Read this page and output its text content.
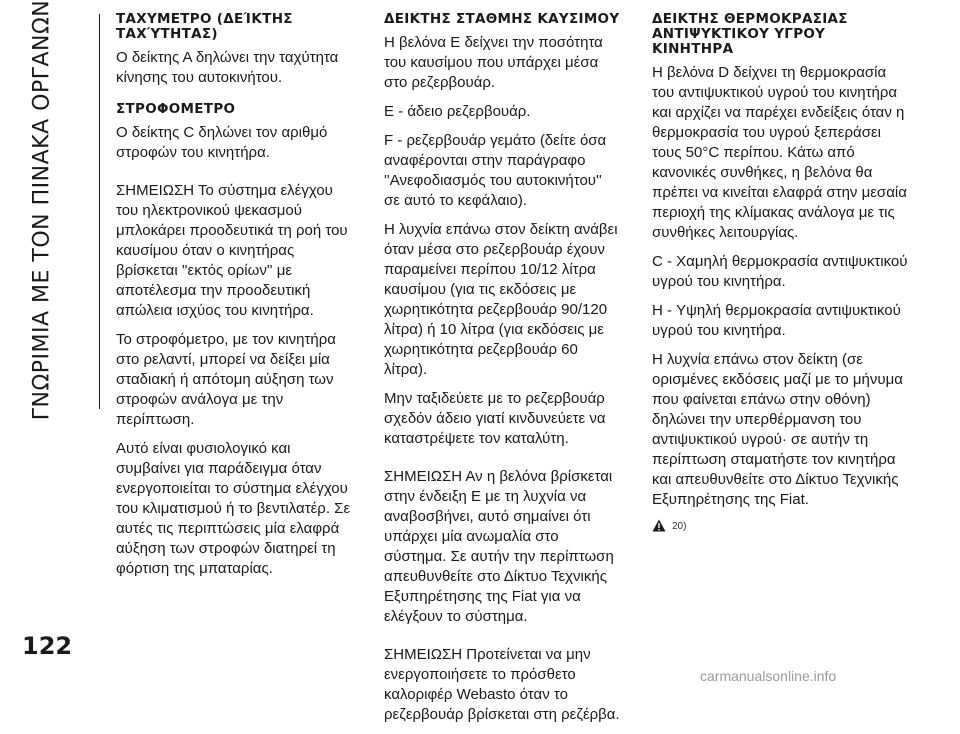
ΓΝΩΡΙΜΙΑ ΜΕ ΤΟΝ ΠΙΝΑΚΑ ΟΡΓΑΝΩΝ	ΤΑΧΥΜΕΤΡΟ (ΔΕΊΚΤΗΣ ΤΑΧΎΤΗΤΑΣ)

Ο δείκτης Α δηλώνει την ταχύτητα κίνησης του αυτοκινήτου.

ΣΤΡΟΦΟΜΕΤΡΟ

Ο δείκτης C δηλώνει τον αριθμό στροφών του κινητήρα.

ΣΗΜΕΙΩΣΗ Το σύστημα ελέγχου του ηλεκτρονικού ψεκασμού μπλοκάρει προοδευτικά τη ροή του καυσίμου όταν ο κινητήρας βρίσκεται ''εκτός ορίων'' με αποτέλεσμα την προοδευτική απώλεια ισχύος του κινητήρα.

Το στροφόμετρο, με τον κινητήρα στο ρελαντί, μπορεί να δείξει μία σταδιακή ή απότομη αύξηση των στροφών ανάλογα με την περίπτωση.

Αυτό είναι φυσιολογικό και συμβαίνει για παράδειγμα όταν ενεργοποιείται το σύστημα ελέγχου του κλιματισμού ή το βεντιλατέρ. Σε αυτές τις περιπτώσεις μία ελαφρά αύξηση των στροφών διατηρεί τη φόρτιση της μπαταρίας.

ΔΕΙΚΤΗΣ ΣΤΑΘΜΗΣ ΚΑΥΣΙΜΟΥ

Η βελόνα Ε δείχνει την ποσότητα του καυσίμου που υπάρχει μέσα στο ρεζερβουάρ.

E - άδειο ρεζερβουάρ.

F - ρεζερβουάρ γεμάτο (δείτε όσα αναφέρονται στην παράγραφο ''Ανεφοδιασμός του αυτοκινήτου'' σε αυτό το κεφάλαιο).

Η λυχνία επάνω στον δείκτη ανάβει όταν μέσα στο ρεζερβουάρ έχουν παραμείνει περίπου 10/12 λίτρα καυσίμου (για τις εκδόσεις με χωρητικότητα ρεζερβουάρ 90/120 λίτρα) ή 10 λίτρα (για εκδόσεις με χωρητικότητα ρεζερβουάρ 60 λίτρα).

Μην ταξιδεύετε με το ρεζερβουάρ σχεδόν άδειο γιατί κινδυνεύετε να καταστρέψετε τον καταλύτη.

ΣΗΜΕΙΩΣΗ Αν η βελόνα βρίσκεται στην ένδειξη E με τη λυχνία να αναβοσβήνει, αυτό σημαίνει ότι υπάρχει μία ανωμαλία στο σύστημα. Σε αυτήν την περίπτωση απευθυνθείτε στο Δίκτυο Τεχνικής Εξυπηρέτησης της Fiat για να ελέγξουν το σύστημα.

ΣΗΜΕΙΩΣΗ Προτείνεται να μην ενεργοποιήσετε το πρόσθετο καλοριφέρ Webasto όταν το ρεζερβουάρ βρίσκεται στη ρεζέρβα.

ΔΕΙΚΤΗΣ ΘΕΡΜΟΚΡΑΣΙΑΣ ΑΝΤΙΨΥΚΤΙΚΟΥ ΥΓΡΟΥ ΚΙΝΗΤΗΡΑ

Η βελόνα D δείχνει τη θερμοκρασία του αντιψυκτικού υγρού του κινητήρα και αρχίζει να παρέχει ενδείξεις όταν η θερμοκρασία του υγρού ξεπεράσει τους 50°C περίπου. Κάτω από κανονικές συνθήκες, η βελόνα θα πρέπει να κινείται ελαφρά στην μεσαία περιοχή της κλίμακας ανάλογα με τις συνθήκες λειτουργίας.

C - Χαμηλή θερμοκρασία αντιψυκτικού υγρού του κινητήρα.

H - Υψηλή θερμοκρασία αντιψυκτικού υγρού του κινητήρα.

Η λυχνία επάνω στον δείκτη (σε ορισμένες εκδόσεις μαζί με το μήνυμα που φαίνεται επάνω στην οθόνη) δηλώνει την υπερθέρμανση του αντιψυκτικού υγρού· σε αυτήν τη περίπτωση σταματήστε τον κινητήρα και απευθυνθείτε στο Δίκτυο Τεχνικής Εξυπηρέτησης της Fiat.

20)
122
carmanualsonline.info
